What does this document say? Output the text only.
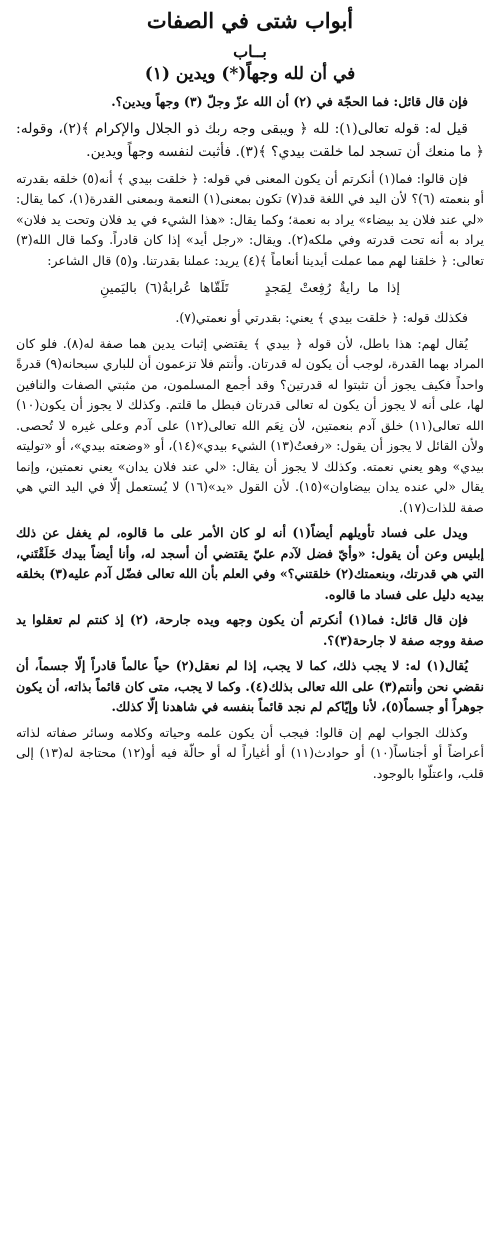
أبواب شتى في الصفات
بــاب
في أن لله وجهاً(*) ويدين (١)

فإن قال قائل: فما الحجّة في (٢) أن الله عزّ وجلّ (٣) وجهاً ويدين؟.

قيل له: قوله تعالى(١): لله ﴿ ويبقى وجه ربك ذو الجلال والإكرام ﴾(٢)، وقوله: ﴿ ما منعك أن تسجد لما خلقت بيدي؟ ﴾(٣). فأثبت لنفسه وجهاً ويدين.

فإن قالوا: فما(١) أنكرتم أن يكون المعنى في قوله: ﴿ خلقت بيدي ﴾ أنه(٥) خلقه بقدرته أو بنعمته (٦)؟ لأن اليد في اللغة قد(٧) تكون بمعنى(١) النعمة وبمعنى القدرة(١)، كما يقال: «لي عند فلان يد بيضاء» يراد به نعمة؛ وكما يقال: «هذا الشيء في يد فلان وتحت يد فلان» يراد به أنه تحت قدرته وفي ملكه(٢). ويقال: «رجل أيد» إذا كان قادراً. وكما قال الله(٣) تعالى: ﴿ خلقنا لهم مما عملت أيدينا أنعاماً ﴾(٤) يريد: عملنا بقدرتنا. و(٥) قال الشاعر:

إذا ما رايةٌ رُفِعتْ لِمَجدٍ تَلَقّاها عُرابةُ(٦) باليَمينِ

فكذلك قوله: ﴿ خلقت بيدي ﴾ يعني: بقدرتي أو نعمتي(٧).

يُقال لهم: هذا باطل، لأن قوله ﴿ بيدي ﴾ يقتضي إثبات يدين هما صفة له(٨). فلو كان المراد بهما القدرة، لوجب أن يكون له قدرتان. وأنتم فلا تزعمون أن للباري سبحانه(٩) قدرةً واحداً فكيف يجوز أن تثبتوا له قدرتين؟ وقد أجمع المسلمون، من مثبتي الصفات والنافين لها، على أنه لا يجوز أن يكون له تعالى قدرتان فبطل ما قلتم. وكذلك لا يجوز أن يكون(١٠) الله تعالى(١١) خلق آدم بنعمتين، لأن نِعَم الله تعالى(١٢) على آدم وعلى غيره لا تُحصى. ولأن القائل لا يجوز أن يقول: «رفعتُ(١٣) الشيء بيدي»(١٤)، أو «وضعته بيدي»، أو «توليته بيدي» وهو يعني نعمته. وكذلك لا يجوز أن يقال: «لي عند فلان يدان» يعني نعمتين، وإنما يقال «لي عنده يدان بيضاوان»(١٥). لأن القول «يد»(١٦) لا يُستعمل إلّا في اليد التي هي صفة للذات(١٧).

ويدل على فساد تأويلهم أيضاً(١) أنه لو كان الأمر على ما قالوه، لم يغفل عن ذلك إبليس وعن أن يقول: «وأيّ فضل لآدم عليّ يقتضي أن أسجد له، وأنا أيضاً بيدك خَلَقْتَني، التي هي قدرتك، وبنعمتك(٢) خلقتني؟» وفي العلم بأن الله تعالى فضّل آدم عليه(٣) بخلقه بيديه دليل على فساد ما قالوه.

فإن قال قائل: فما(١) أنكرتم أن يكون وجهه ويده جارحة، (٢) إذ كنتم لم تعقلوا يد صفة ووجه صفة لا جارحة(٣)؟.

يُقال(١) له: لا يجب ذلك، كما لا يجب، إذا لم نعقل(٢) حياً عالماً قادراً إلّا جسماً، أن نقضي نحن وأنتم(٣) على الله تعالى بذلك(٤). وكما لا يجب، متى كان قائماً بذاته، أن يكون جوهراً أو جسماً(٥)، لأنا وإيّاكم لم نجد قائماً بنفسه في شاهدنا إلّا كذلك.

وكذلك الجواب لهم إن قالوا: فيجب أن يكون علمه وحياته وكلامه وسائر صفاته لذاته أعراضاً أو أجناساً(١٠) أو حوادث(١١) أو أغياراً له أو حالّة فيه أو(١٢) محتاجة له(١٣) إلى قلب، واعتلّوا بالوجود.
